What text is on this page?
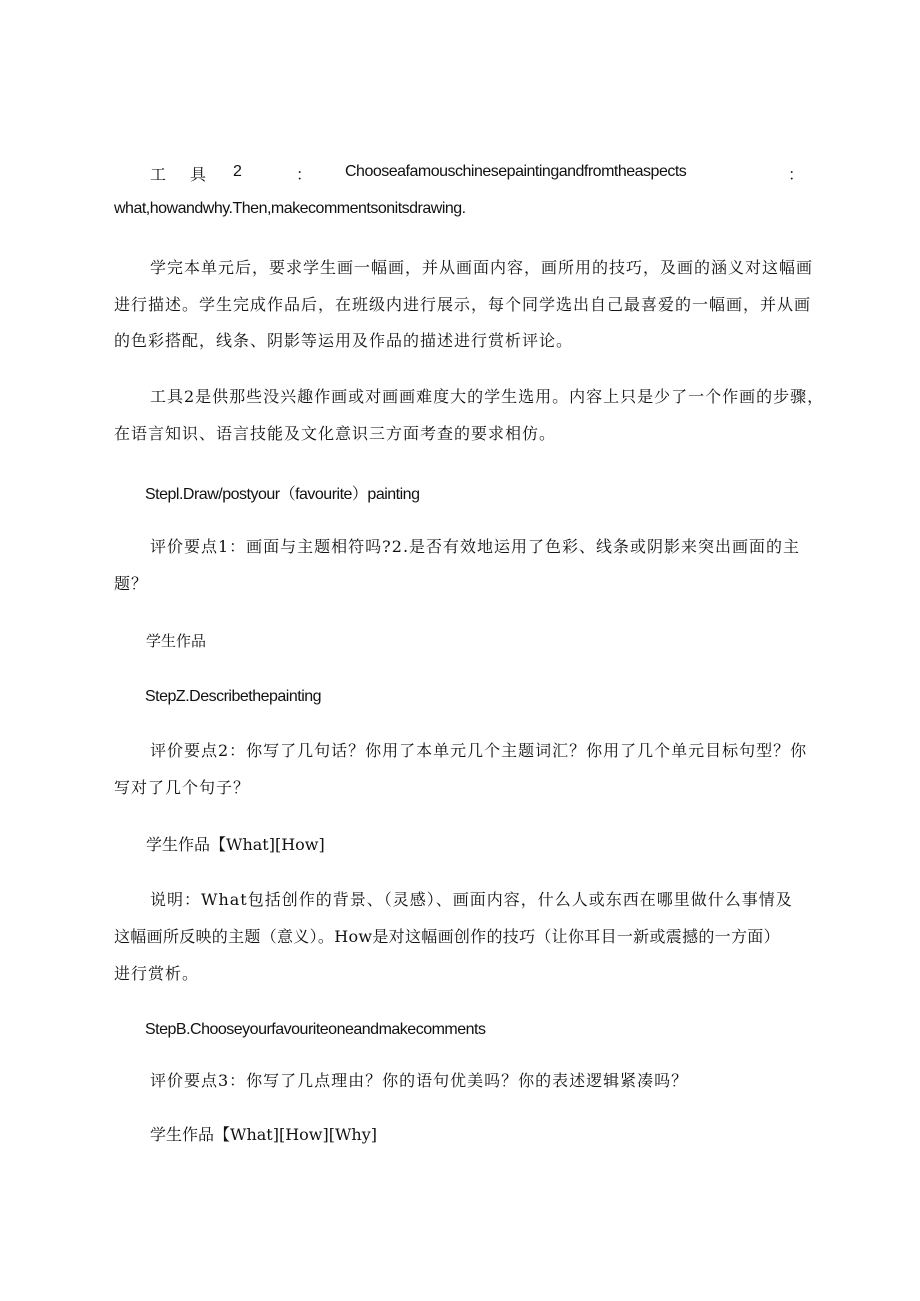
工 具 2	： Chooseafamouschinesepaintingandfromtheaspects	：
what,howandwhy.Then,makecommentsonitsdrawing.
学完本单元后，要求学生画一幅画，并从画面内容，画所用的技巧，及画的涵义对这幅画
进行描述。学生完成作品后，在班级内进行展示，每个同学选出自己最喜爱的一幅画，并从画
的色彩搭配，线条、阴影等运用及作品的描述进行赏析评论。
工具2是供那些没兴趣作画或对画画难度大的学生选用。内容上只是少了一个作画的步骤，
在语言知识、语言技能及文化意识三方面考查的要求相仿。
Stepl.Draw/postyour（favourite）painting
评价要点1：画面与主题相符吗?2.是否有效地运用了色彩、线条或阴影来突出画面的主
题？
学生作品
StepZ.Describethepainting
评价要点2：你写了几句话？你用了本单元几个主题词汇？你用了几个单元目标句型？你
写对了几个句子？
学生作品【What][How]
说明：What包括创作的背景、（灵感）、画面内容，什么人或东西在哪里做什么事情及
这幅画所反映的主题（意义）。How是对这幅画创作的技巧（让你耳目一新或震撼的一方面）
进行赏析。
StepB.Chooseyourfavouriteoneandmakecomments
评价要点3：你写了几点理由？你的语句优美吗？你的表述逻辑紧凑吗？
学生作品【What][How][Why]
